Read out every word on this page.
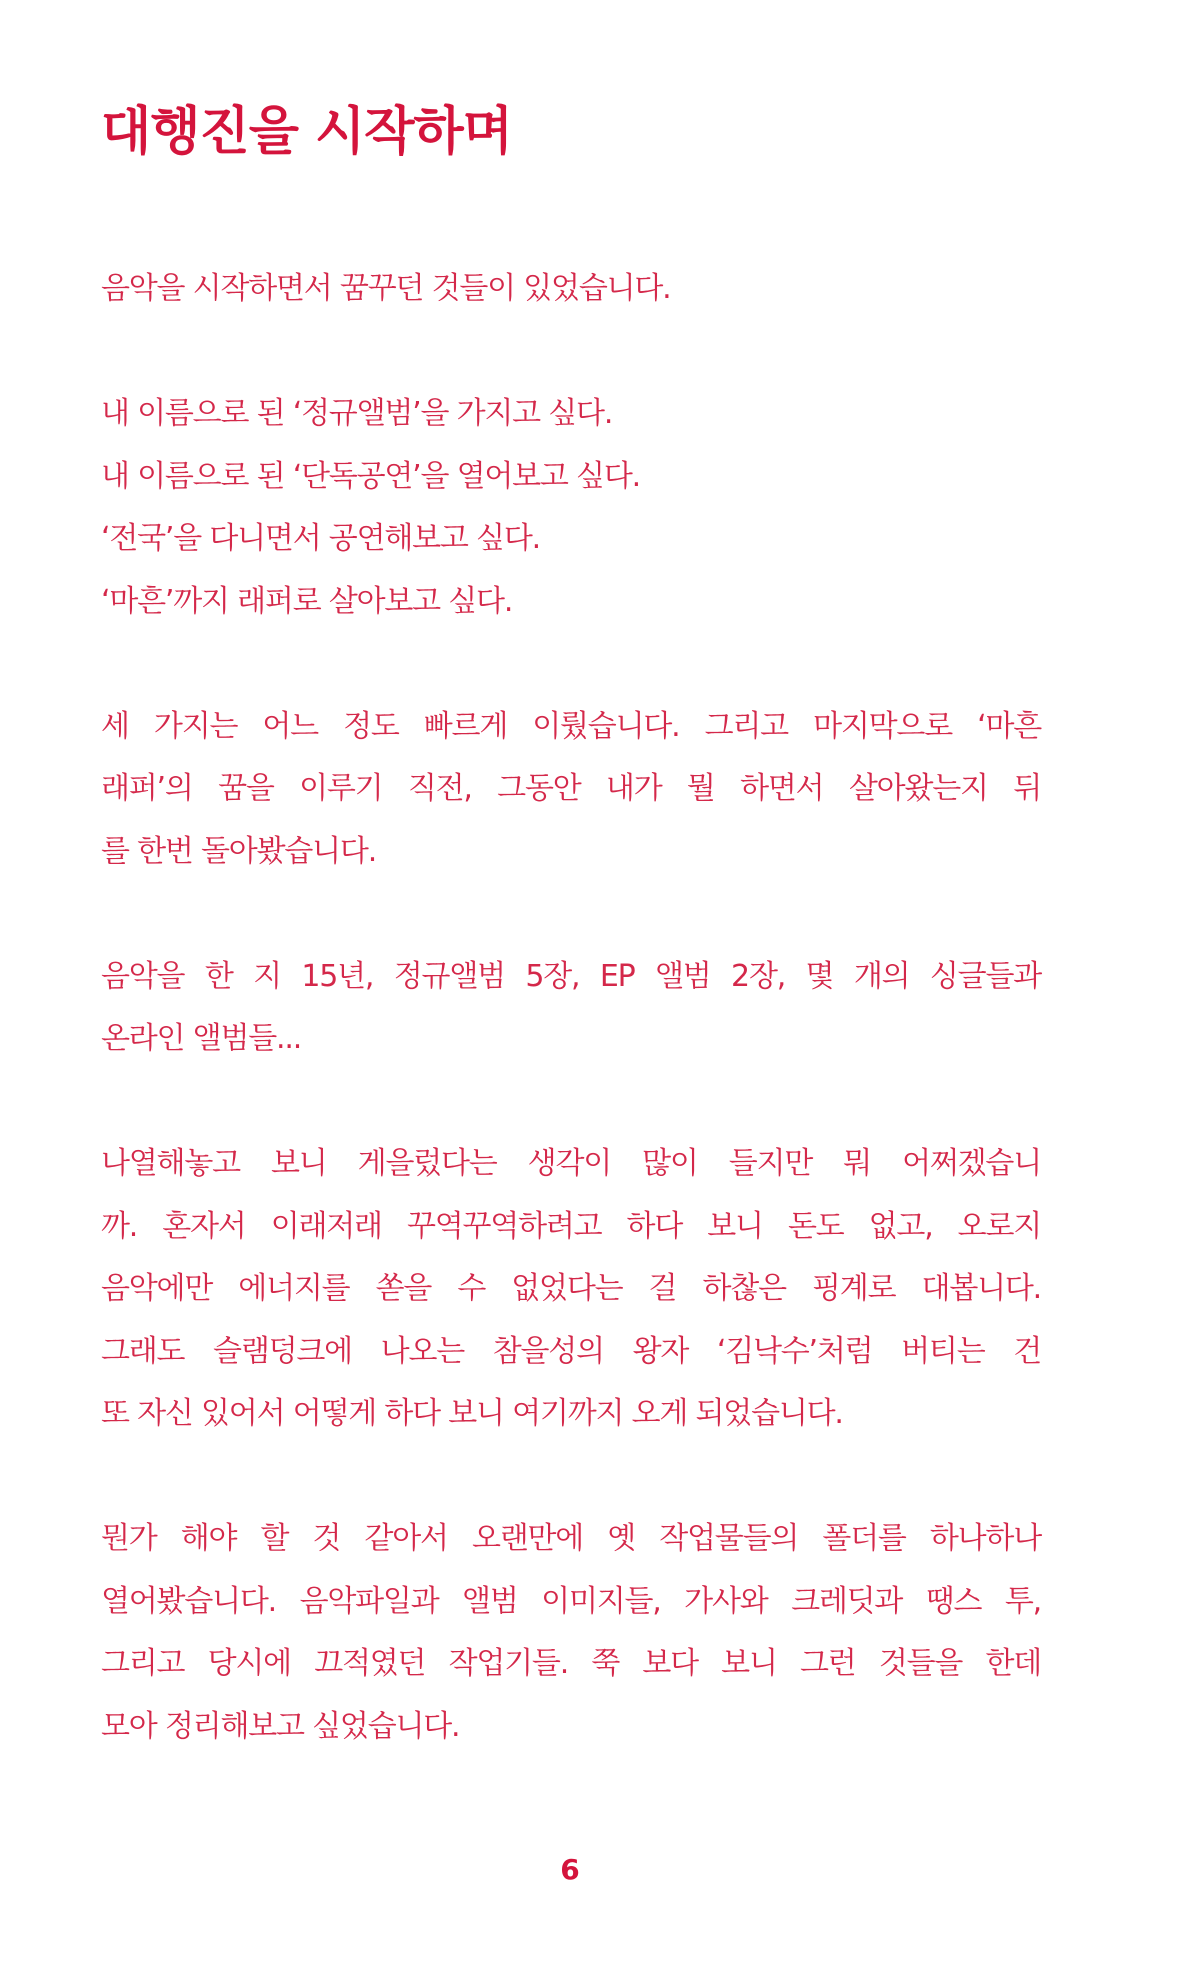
대행진을 시작하며

음악을 시작하면서 꿈꾸던 것들이 있었습니다.

내 이름으로 된 ‘정규앨범’을 가지고 싶다.
내 이름으로 된 ‘단독공연’을 열어보고 싶다.
‘전국’을 다니면서 공연해보고 싶다.
‘마흔’까지 래퍼로 살아보고 싶다.

세 가지는 어느 정도 빠르게 이뤘습니다. 그리고 마지막으로 ‘마흔
래퍼’의 꿈을 이루기 직전, 그동안 내가 뭘 하면서 살아왔는지 뒤
를 한번 돌아봤습니다.

음악을 한 지 15년, 정규앨범 5장, EP 앨범 2장, 몇 개의 싱글들과
온라인 앨범들...

나열해놓고 보니 게을렀다는 생각이 많이 들지만 뭐 어쩌겠습니
까. 혼자서 이래저래 꾸역꾸역하려고 하다 보니 돈도 없고, 오로지
음악에만 에너지를 쏟을 수 없었다는 걸 하찮은 핑계로 대봅니다.
그래도 슬램덩크에 나오는 참을성의 왕자 ‘김낙수’처럼 버티는 건
또 자신 있어서 어떻게 하다 보니 여기까지 오게 되었습니다.

뭔가 해야 할 것 같아서 오랜만에 옛 작업물들의 폴더를 하나하나
열어봤습니다. 음악파일과 앨범 이미지들, 가사와 크레딧과 땡스 투,
그리고 당시에 끄적였던 작업기들. 쭉 보다 보니 그런 것들을 한데
모아 정리해보고 싶었습니다.

6
